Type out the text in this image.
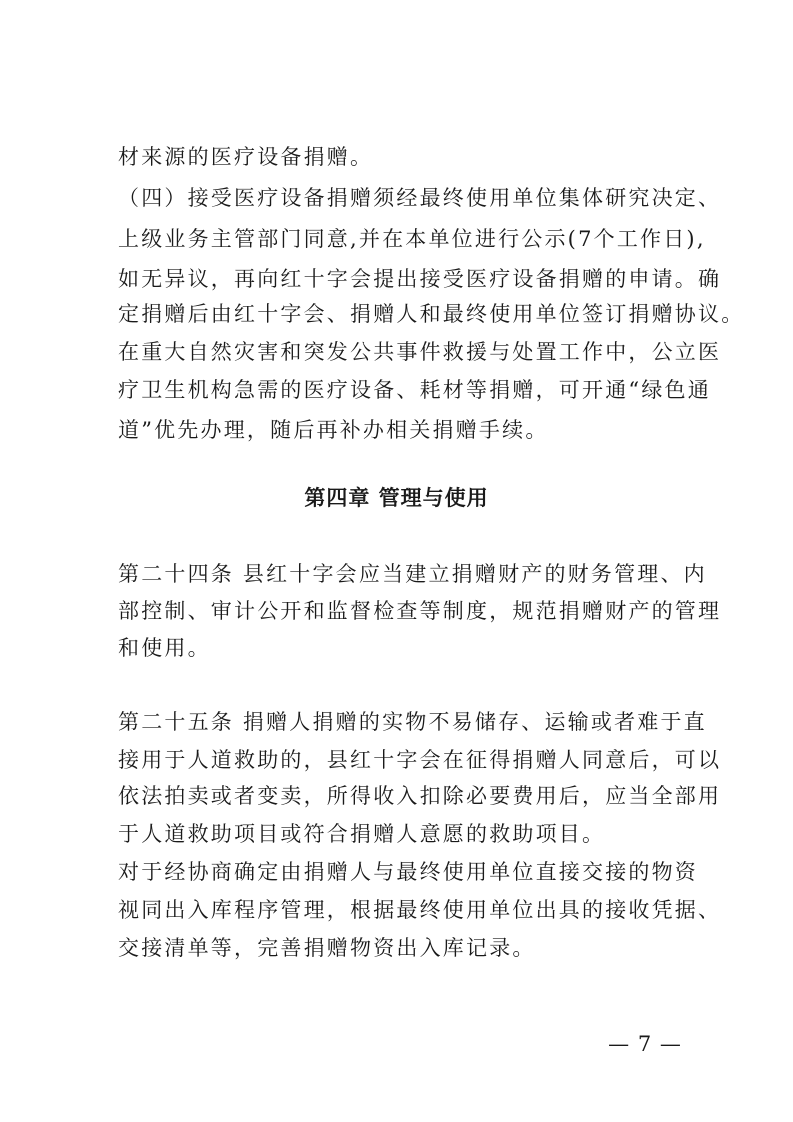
材来源的医疗设备捐赠。
（四）接受医疗设备捐赠须经最终使用单位集体研究决定、
上级业务主管部门同意,并在本单位进行公示(7个工作日),
如无异议，再向红十字会提出接受医疗设备捐赠的申请。确
定捐赠后由红十字会、捐赠人和最终使用单位签订捐赠协议。
在重大自然灾害和突发公共事件救援与处置工作中，公立医
疗卫生机构急需的医疗设备、耗材等捐赠，可开通“绿色通
道”优先办理，随后再补办相关捐赠手续。
第四章 管理与使用
第二十四条 县红十字会应当建立捐赠财产的财务管理、内
部控制、审计公开和监督检查等制度，规范捐赠财产的管理
和使用。
第二十五条 捐赠人捐赠的实物不易储存、运输或者难于直
接用于人道救助的，县红十字会在征得捐赠人同意后，可以
依法拍卖或者变卖，所得收入扣除必要费用后，应当全部用
于人道救助项目或符合捐赠人意愿的救助项目。
对于经协商确定由捐赠人与最终使用单位直接交接的物资
视同出入库程序管理，根据最终使用单位出具的接收凭据、
交接清单等，完善捐赠物资出入库记录。
— 7 —
